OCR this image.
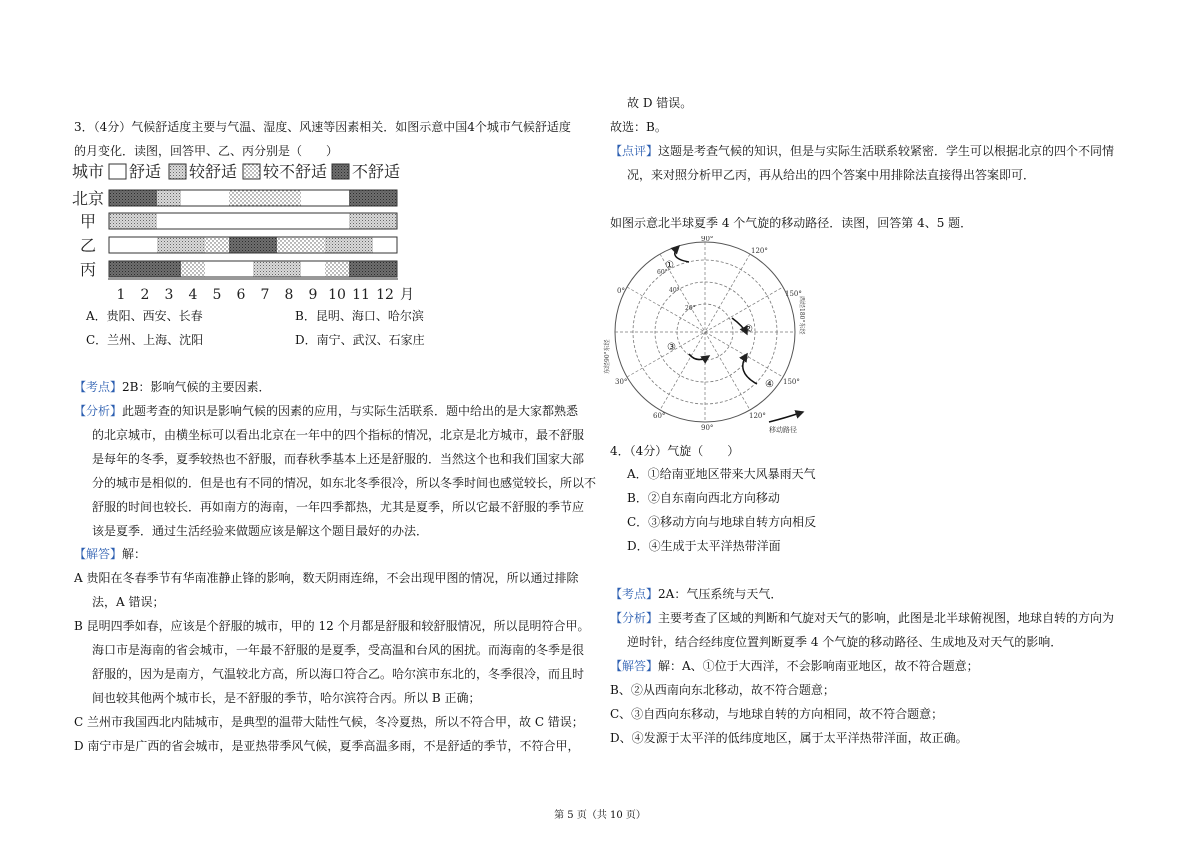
3．（4分）气候舒适度主要与气温、湿度、风速等因素相关．如图示意中国4个城市气候舒适度
的月变化．读图，回答甲、乙、丙分别是（　　）
城市 舒适 较舒适 较不舒适 不舒适
北京
甲
乙
丙
1 2 3 4 5 6 7 8 9 10 11 12 月
A．贵阳、西安、长春	B．昆明、海口、哈尔滨
C．兰州、上海、沈阳	D．南宁、武汉、石家庄
【考点】2B：影响气候的主要因素．
【分析】此题考查的知识是影响气候的因素的应用，与实际生活联系．题中给出的是大家都熟悉
的北京城市，由横坐标可以看出北京在一年中的四个指标的情况，北京是北方城市，最不舒服
是每年的冬季，夏季较热也不舒服，而春秋季基本上还是舒服的．当然这个也和我们国家大部
分的城市是相似的．但是也有不同的情况，如东北冬季很冷，所以冬季时间也感觉较长，所以不
舒服的时间也较长．再如南方的海南，一年四季都热，尤其是夏季，所以它最不舒服的季节应
该是夏季．通过生活经验来做题应该是解这个题目最好的办法．
【解答】解：
A 贵阳在冬春季节有华南准静止锋的影响，数天阴雨连绵，不会出现甲图的情况，所以通过排除
法，A 错误；
B 昆明四季如春，应该是个舒服的城市，甲的 12 个月都是舒服和较舒服情况，所以昆明符合甲。
海口市是海南的省会城市，一年最不舒服的是夏季，受高温和台风的困扰。而海南的冬季是很
舒服的，因为是南方，气温较北方高，所以海口符合乙。哈尔滨市东北的，冬季很冷，而且时
间也较其他两个城市长，是不舒服的季节，哈尔滨符合丙。所以 B 正确；
C 兰州市我国西北内陆城市，是典型的温带大陆性气候，冬冷夏热，所以不符合甲，故 C 错误；
D 南宁市是广西的省会城市，是亚热带季风气候，夏季高温多雨，不是舒适的季节，不符合甲，
故 D 错误。
故选：B。
【点评】这题是考查气候的知识，但是与实际生活联系较紧密．学生可以根据北京的四个不同情
况，来对照分析甲乙丙，再从给出的四个答案中用排除法直接得出答案即可．
如图示意北半球夏季 4 个气旋的移动路径．读图，回答第 4、5 题．
90°
120°
150°
150°
120°
90°
60°
30°
0°
60°
40°
20°
东经90°东经
西经180°东经
①
②
③
④
移动路径
4．（4分）气旋（　　）
A．①给南亚地区带来大风暴雨天气
B．②自东南向西北方向移动
C．③移动方向与地球自转方向相反
D．④生成于太平洋热带洋面
【考点】2A：气压系统与天气．
【分析】主要考查了区域的判断和气旋对天气的影响，此图是北半球俯视图，地球自转的方向为
逆时针，结合经纬度位置判断夏季 4 个气旋的移动路径、生成地及对天气的影响．
【解答】解：A、①位于大西洋，不会影响南亚地区，故不符合题意；
B、②从西南向东北移动，故不符合题意；
C、③自西向东移动，与地球自转的方向相同，故不符合题意；
D、④发源于太平洋的低纬度地区，属于太平洋热带洋面，故正确。
第 5 页（共 10 页）
